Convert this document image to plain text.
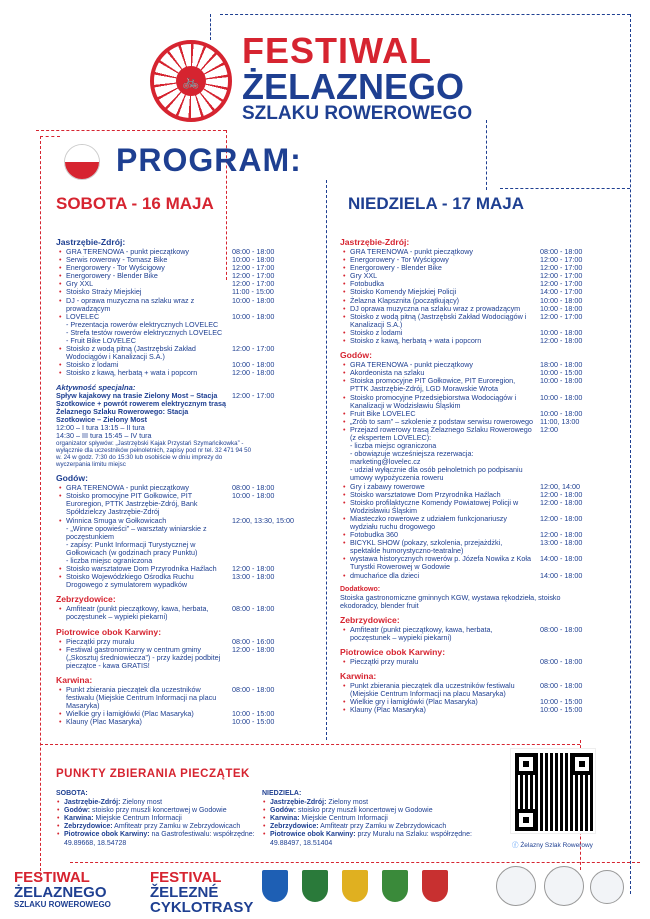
🚲
FESTIWAL
ŻELAZNEGO
SZLAKU ROWEROWEGO
PROGRAM:
SOBOTA - 16 MAJA	NIEDZIELA - 17 MAJA
Jastrzębie-Zdrój:
• GRA TERENOWA - punkt pieczątkowy	08:00 - 18:00
• Serwis rowerowy - Tomasz Bike	10:00 - 18:00
• Energorowery - Tor Wyścigowy	12:00 - 17:00
• Energorowery - Blender Bike	12:00 - 17:00
• Gry XXL	12:00 - 17:00
• Stoisko Straży Miejskiej	11:00 - 15:00
• DJ - oprawa muzyczna na szlaku wraz z prowadzącym
10:00 - 18:00
• LOVELEC	10:00 - 18:00
- Prezentacja rowerów elektrycznych LOVELEC
- Strefa testów rowerów elektrycznych LOVELEC
- Fruit Bike LOVELEC
• Stoisko z wodą pitną (Jastrzębski Zakład Wodociągów i Kanalizacji S.A.)
12:00 - 17:00
• Stoisko z lodami	10:00 - 18:00
• Stoisko z kawą, herbatą + wata i popcorn	12:00 - 18:00
Aktywność specjalna:
Spływ kajakowy na trasie Zielony Most – Stacja Szotkowice + powrót rowerem elektrycznym trasą Żelaznego Szlaku Rowerowego: Stacja Szotkowice – Zielony Most
12:00 - 17:00
12:00 – I tura 13:15 – II tura
14:30 – III tura 15:45 – IV tura
organizator spływów: „Jastrzębski Kajak Przystań Szymańcikowka” - wyłącznie dla uczestników pełnoletnich, zapisy pod nr tel. 32 471 94 50 w. 24 w godz. 7:30 do 15:30 lub osobiście w dniu imprezy do wyczerpania limitu miejsc
Godów:
• GRA TERENOWA - punkt pieczątkowy	08:00 - 18:00
• Stoisko promocyjne PIT Gołkowice, PIT Euroregion, PTTK Jastrzębie-Zdrój, Bank Spółdzielczy Jastrzębie-Zdrój
10:00 - 18:00
• Winnica Smuga w Gołkowicach	12:00, 13:30, 15:00
- „Winne opowieści” – warsztaty winiarskie z poczęstunkiem
- zapisy: Punkt Informacji Turystycznej w Gołkowicach (w godzinach pracy Punktu)
- liczba miejsc ograniczona
• Stoisko warsztatowe Dom Przyrodnika Haźlach	12:00 - 18:00
• Stoisko Wojewódzkiego Ośrodka Ruchu Drogowego z symulatorem wypadków
13:00 - 18:00
Zebrzydowice:
• Amfiteatr (punkt pieczątkowy, kawa, herbata, poczęstunek – wypieki piekarni)
08:00 - 18:00
Piotrowice obok Karwiny:
• Pieczątki przy muralu	08:00 - 16:00
• Festiwal gastronomiczny w centrum gminy („Skosztuj średniowiecza”) - przy każdej podbitej pieczątce - kawa GRATIS!
12:00 - 18:00
Karwina:
• Punkt zbierania pieczątek dla uczestników festiwalu (Miejskie Centrum Informacji na placu Masaryka)
08:00 - 18:00
• Wielkie gry i łamigłówki (Plac Masaryka)	10:00 - 15:00
• Klauny (Plac Masaryka)	10:00 - 15:00
Jastrzębie-Zdrój:
• GRA TERENOWA - punkt pieczątkowy	08:00 - 18:00
• Energorowery - Tor Wyścigowy	12:00 - 17:00
• Energorowery - Blender Bike	12:00 - 17:00
• Gry XXL	12:00 - 17:00
• Fotobudka	12:00 - 17:00
• Stoisko Komendy Miejskiej Policji	14:00 - 17:00
• Żelazna Klapsznita (początkujący)	10:00 - 18:00
• DJ oprawa muzyczna na szlaku wraz z prowadzącym	10:00 - 18:00
• Stoisko z wodą pitną (Jastrzębski Zakład Wodociągów i Kanalizacji S.A.)
12:00 - 17:00
• Stoisko z lodami	10:00 - 18:00
• Stoisko z kawą, herbatą + wata i popcorn	12:00 - 18:00
Godów:
• GRA TERENOWA - punkt pieczątkowy	18:00 - 18:00
• Akordeonista na szlaku	10:00 - 15:00
• Stoiska promocyjne PIT Gołkowice, PIT Euroregion, PTTK Jastrzębie-Zdrój, LGD Morawskie Wrota
10:00 - 18:00
• Stoisko promocyjne Przedsiębiorstwa Wodociągów i Kanalizacji w Wodzisławiu Śląskim
10:00 - 18:00
• Fruit Bike LOVELEC	10:00 - 18:00
• „Zrób to sam” – szkolenie z podstaw serwisu rowerowego 11:00, 13:00
• Przejazd rowerowy trasą Żelaznego Szlaku Rowerowego (z ekspertem LOVELEC):
12:00
- liczba miejsc ograniczona
- obowiązuje wcześniejsza rezerwacja: marketing@lovelec.cz
- udział wyłącznie dla osób pełnoletnich po podpisaniu umowy wypożyczenia roweru
• Gry i zabawy rowerowe	12:00, 14:00
• Stoisko warsztatowe Dom Przyrodnika Haźlach	12:00 - 18:00
• Stoisko profilaktyczne Komendy Powiatowej Policji w Wodzisławiu Śląskim
12:00 - 18:00
• Miasteczko rowerowe z udziałem funkcjonariuszy wydziału ruchu drogowego
12:00 - 18:00
• Fotobudka 360	12:00 - 18:00
• BICYKL SHOW (pokazy, szkolenia, przejażdżki, spektakle humorystyczno-teatralne)
13:00 - 18:00
• wystawa historycznych rowerów p. Józefa Nowika z Koła Turystki Rowerowej w Godowie
14:00 - 18:00
• dmuchańce dla dzieci	14:00 - 18:00
Dodatkowo:
Stoiska gastronomiczne gminnych KGW, wystawa rękodzieła, stoisko ekodoradcy, blender fruit
Zebrzydowice:
• Amfiteatr (punkt pieczątkowy, kawa, herbata, poczęstunek – wypieki piekarni)
08:00 - 18:00
Piotrowice obok Karwiny:
• Pieczątki przy muralu	08:00 - 18:00
Karwina:
• Punkt zbierania pieczątek dla uczestników festiwalu (Miejskie Centrum Informacji na placu Masaryka)
08:00 - 18:00
• Wielkie gry i łamigłówki (Plac Masaryka)	10:00 - 15:00
• Klauny (Plac Masaryka)	10:00 - 15:00
PUNKTY ZBIERANIA PIECZĄTEK
SOBOTA:
• Jastrzębie-Zdrój: Zielony most
• Godów: stoisko przy muszli koncertowej w Godowie
• Karwina: Miejskie Centrum Informacji
• Zebrzydowice: Amfiteatr przy Zamku w Zebrzydowicach
• Piotrowice obok Karwiny: na Gastrofestiwalu: współrzędne: 49.89668, 18.54728
NIEDZIELA:
• Jastrzębie-Zdrój: Zielony most
• Godów: stoisko przy muszli koncertowej w Godowie
• Karwina: Miejskie Centrum Informacji
• Zebrzydowice: Amfiteatr przy Zamku w Zebrzydowicach
• Piotrowice obok Karwiny: przy Muralu na Szlaku: współrzędne: 49.88497, 18.51404	ⓕ Żelazny Szlak Rowerowy
FESTIWAL
ŻELAZNEGO
SZLAKU ROWEROWEGO
FESTIVAL
ŽELEZNÉ
CYKLOTRASY
